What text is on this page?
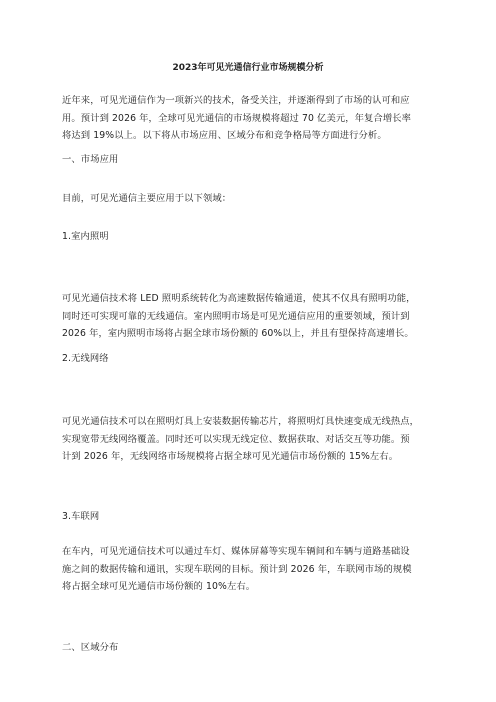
2023年可见光通信行业市场规模分析
近年来，可见光通信作为一项新兴的技术，备受关注，并逐渐得到了市场的认可和应
用。预计到 2026 年，全球可见光通信的市场规模将超过 70 亿美元，年复合增长率
将达到 19%以上。以下将从市场应用、区域分布和竞争格局等方面进行分析。
一、市场应用
目前，可见光通信主要应用于以下领域：
1.室内照明
可见光通信技术将 LED 照明系统转化为高速数据传输通道，使其不仅具有照明功能，
同时还可实现可靠的无线通信。室内照明市场是可见光通信应用的重要领域，预计到
2026 年，室内照明市场将占据全球市场份额的 60%以上，并且有望保持高速增长。
2.无线网络
可见光通信技术可以在照明灯具上安装数据传输芯片，将照明灯具快速变成无线热点，
实现宽带无线网络覆盖。同时还可以实现无线定位、数据获取、对话交互等功能。预
计到 2026 年，无线网络市场规模将占据全球可见光通信市场份额的 15%左右。
3.车联网
在车内，可见光通信技术可以通过车灯、媒体屏幕等实现车辆间和车辆与道路基础设
施之间的数据传输和通讯，实现车联网的目标。预计到 2026 年，车联网市场的规模
将占据全球可见光通信市场份额的 10%左右。
二、区域分布
